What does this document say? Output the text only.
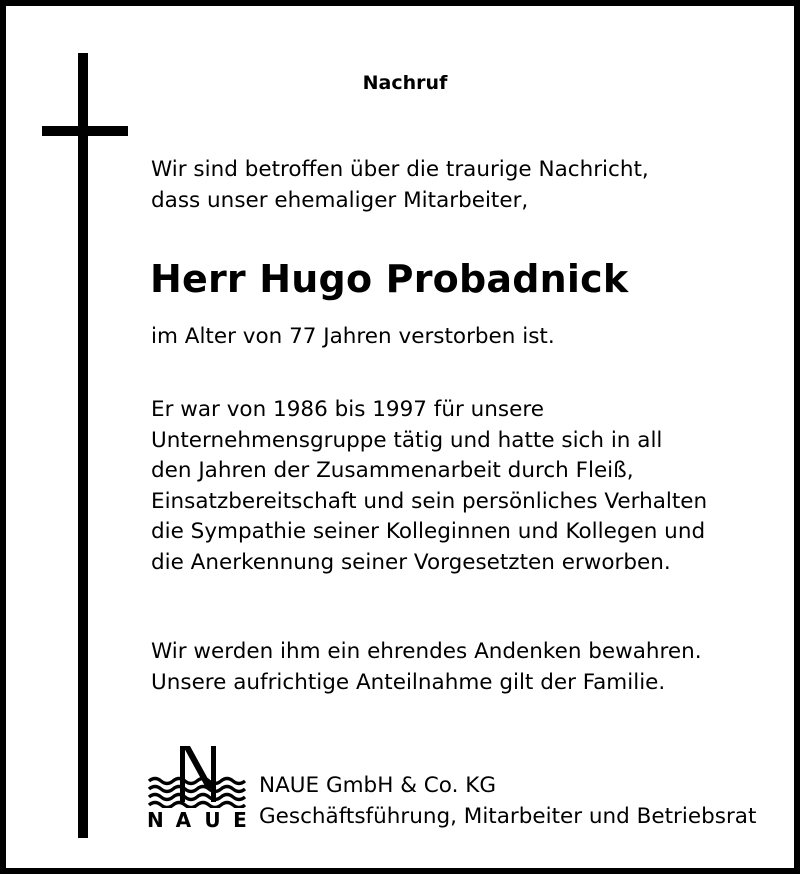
Nachruf
Wir sind betroffen über die traurige Nachricht,
dass unser ehemaliger Mitarbeiter,
Herr Hugo Probadnick
im Alter von 77 Jahren verstorben ist.
Er war von 1986 bis 1997 für unsere
Unternehmensgruppe tätig und hatte sich in all
den Jahren der Zusammenarbeit durch Fleiß,
Einsatzbereitschaft und sein persönliches Verhalten
die Sympathie seiner Kolleginnen und Kollegen und
die Anerkennung seiner Vorgesetzten erworben.
Wir werden ihm ein ehrendes Andenken bewahren.
Unsere aufrichtige Anteilnahme gilt der Familie.
N A U E
NAUE GmbH & Co. KG
Geschäftsführung, Mitarbeiter und Betriebsrat
